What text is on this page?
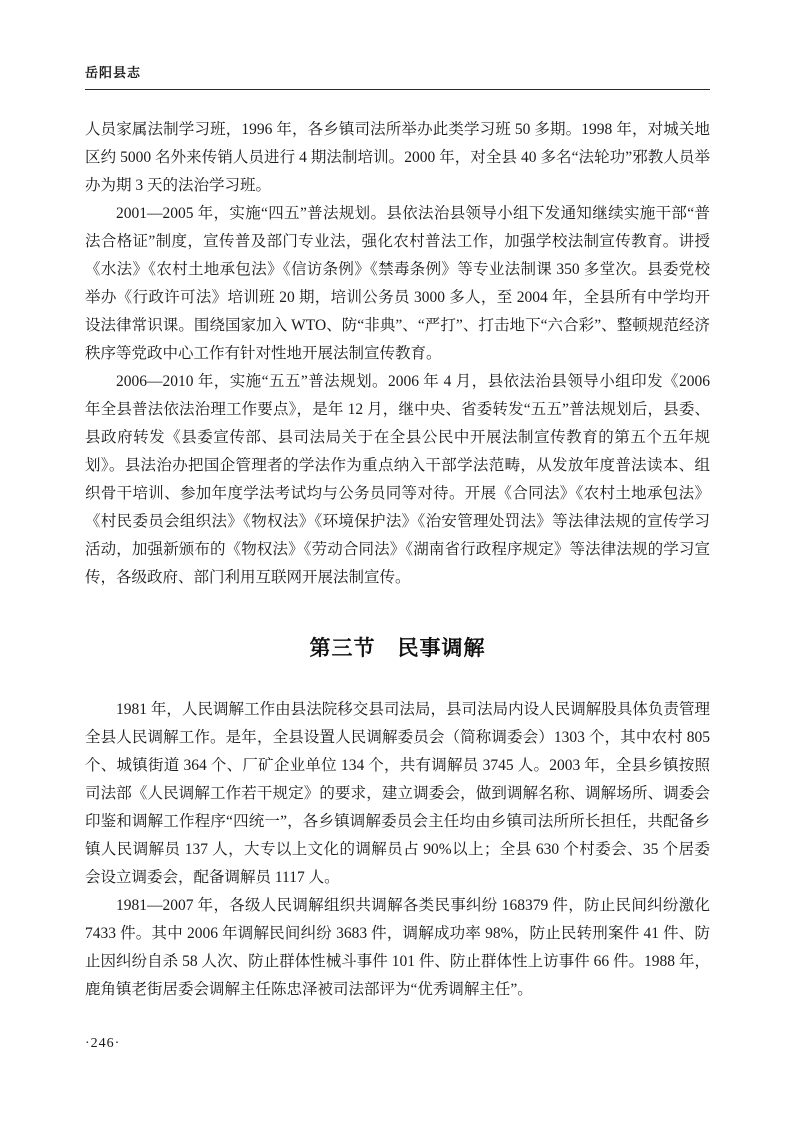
岳阳县志

人员家属法制学习班，1996 年，各乡镇司法所举办此类学习班 50 多期。1998 年，对城关地区约 5000 名外来传销人员进行 4 期法制培训。2000 年，对全县 40 多名“法轮功”邪教人员举办为期 3 天的法治学习班。

2001—2005 年，实施“四五”普法规划。县依法治县领导小组下发通知继续实施干部“普法合格证”制度，宣传普及部门专业法，强化农村普法工作，加强学校法制宣传教育。讲授《水法》《农村土地承包法》《信访条例》《禁毒条例》等专业法制课 350 多堂次。县委党校举办《行政许可法》培训班 20 期，培训公务员 3000 多人，至 2004 年，全县所有中学均开设法律常识课。围绕国家加入 WTO、防“非典”、“严打”、打击地下“六合彩”、整顿规范经济秩序等党政中心工作有针对性地开展法制宣传教育。

2006—2010 年，实施“五五”普法规划。2006 年 4 月，县依法治县领导小组印发《2006 年全县普法依法治理工作要点》，是年 12 月，继中央、省委转发“五五”普法规划后，县委、县政府转发《县委宣传部、县司法局关于在全县公民中开展法制宣传教育的第五个五年规划》。县法治办把国企管理者的学法作为重点纳入干部学法范畴，从发放年度普法读本、组织骨干培训、参加年度学法考试均与公务员同等对待。开展《合同法》《农村土地承包法》《村民委员会组织法》《物权法》《环境保护法》《治安管理处罚法》等法律法规的宣传学习活动，加强新颁布的《物权法》《劳动合同法》《湖南省行政程序规定》等法律法规的学习宣传，各级政府、部门利用互联网开展法制宣传。

第三节　民事调解

1981 年，人民调解工作由县法院移交县司法局，县司法局内设人民调解股具体负责管理全县人民调解工作。是年，全县设置人民调解委员会（简称调委会）1303 个，其中农村 805 个、城镇街道 364 个、厂矿企业单位 134 个，共有调解员 3745 人。2003 年，全县乡镇按照司法部《人民调解工作若干规定》的要求，建立调委会，做到调解名称、调解场所、调委会印鉴和调解工作程序“四统一”，各乡镇调解委员会主任均由乡镇司法所所长担任，共配备乡镇人民调解员 137 人，大专以上文化的调解员占 90%以上；全县 630 个村委会、35 个居委会设立调委会，配备调解员 1117 人。

1981—2007 年，各级人民调解组织共调解各类民事纠纷 168379 件，防止民间纠纷激化 7433 件。其中 2006 年调解民间纠纷 3683 件，调解成功率 98%，防止民转刑案件 41 件、防止因纠纷自杀 58 人次、防止群体性械斗事件 101 件、防止群体性上访事件 66 件。1988 年，鹿角镇老街居委会调解主任陈忠泽被司法部评为“优秀调解主任”。

·246·
